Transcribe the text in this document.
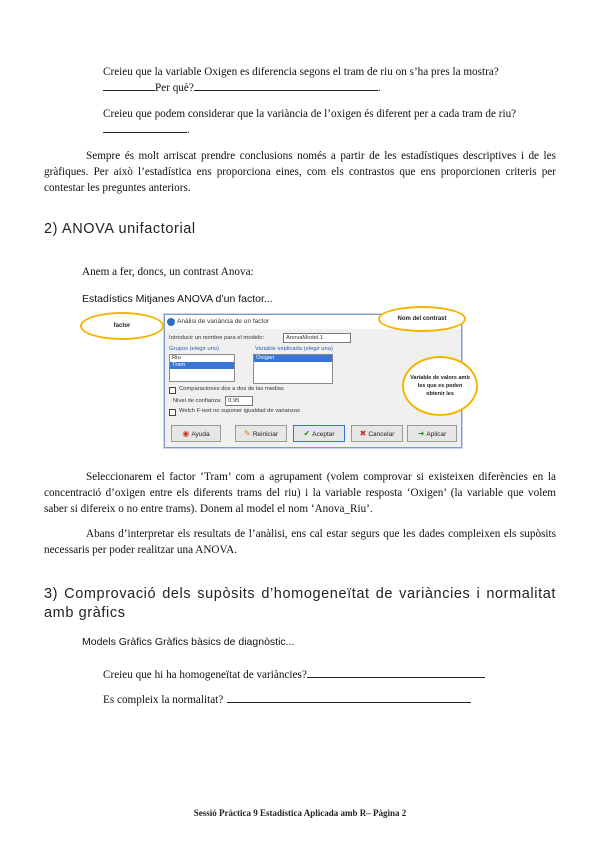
Creieu que la variable Oxigen es diferencia segons el tram de riu on s’ha pres la mostra?
Per què?	.
Creieu que podem considerar que la variància de l’oxigen és diferent per a cada tram de riu?
.
Sempre és molt arriscat prendre conclusions només a partir de les estadístiques descriptives i de les gràfiques. Per això l’estadística ens proporciona eines, com els contrastos que ens proporcionen criteris per contestar les preguntes anteriors.
2) ANOVA unifactorial
Anem a fer, doncs, un contrast Anova:
Estadístics Mitjanes ANOVA d’un factor...
Anàlisi de variància de un factor
Introducir un nombre para el modelo:	AnovaModel.1
Grupos (elegir uno)	Variable explicada (elegir una)
Riu
Tram
Oxigen
Comparaciones dos a dos de las medias
Nivel de confianza	0.95
Welch F-test no suponer igualdad de varianzas
◉ Ayuda	✎ Reiniciar	✔ Aceptar	✖ Cancelar	➜ Aplicar
factor
Nom del contrast
Variable de valors amb les que es poden obtenir les
Seleccionarem el factor ‘Tram’ com a agrupament (volem comprovar si existeixen diferències en la concentració d’oxigen entre els diferents trams del riu) i la variable resposta ‘Oxigen’ (la variable que volem saber si difereix o no entre trams). Donem al model el nom ‘Anova_Riu’.
Abans d’interpretar els resultats de l’anàlisi, ens cal estar segurs que les dades compleixen els supòsits necessaris per poder realitzar una ANOVA.
3) Comprovació dels supòsits d’homogeneïtat de variàncies i normalitat amb gràfics
Models Gràfics Gràfics bàsics de diagnòstic...
Creieu que hi ha homogeneïtat de variàncies?
Es compleix la normalitat?
Sessió Pràctica 9 Estadística Aplicada amb R– Pàgina 2
